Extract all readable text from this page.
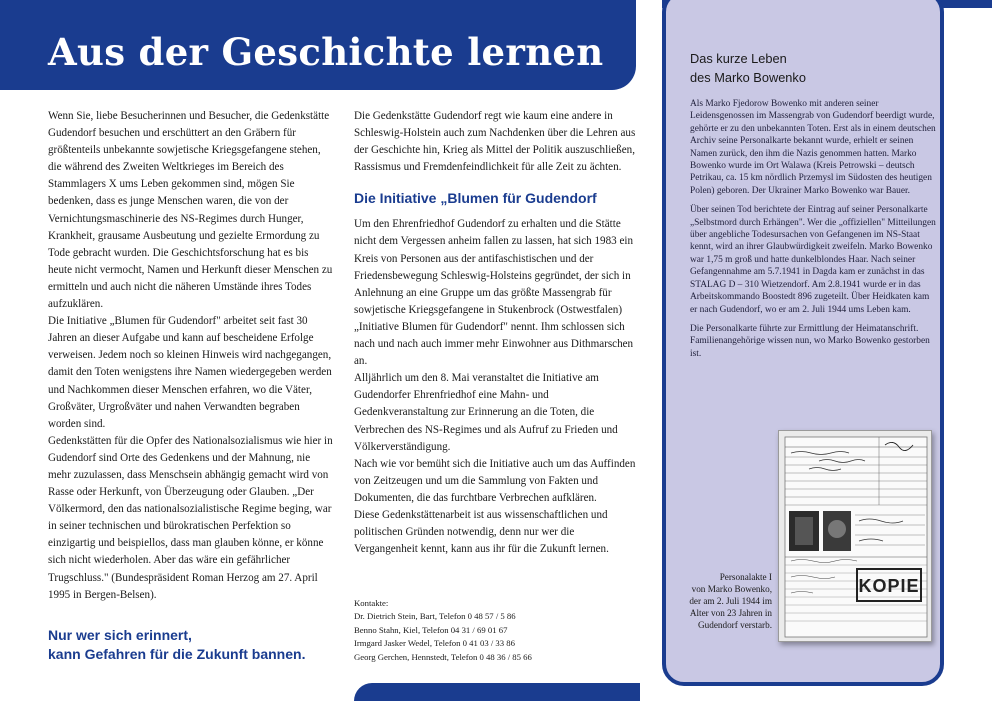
Aus der Geschichte lernen

Wenn Sie, liebe Besucherinnen und Besucher, die Gedenkstätte Gudendorf besuchen und erschüttert an den Gräbern für größtenteils unbekannte sowjetische Kriegsgefangene stehen, die während des Zweiten Weltkrieges im Bereich des Stammlagers X ums Leben gekommen sind, mögen Sie bedenken, dass es junge Menschen waren, die von der Vernichtungsmaschinerie des NS-Regimes durch Hunger, Krankheit, grausame Ausbeutung und gezielte Ermordung zu Tode gebracht wurden. Die Geschichtsforschung hat es bis heute nicht vermocht, Namen und Herkunft dieser Menschen zu ermitteln und auch nicht die näheren Umstände ihres Todes aufzuklären.

Die Initiative „Blumen für Gudendorf" arbeitet seit fast 30 Jahren an dieser Aufgabe und kann auf bescheidene Erfolge verweisen. Jedem noch so kleinen Hinweis wird nachgegangen, damit den Toten wenigstens ihre Namen wiedergegeben werden und Nachkommen dieser Menschen erfahren, wo die Väter, Großväter, Urgroßväter und nahen Verwandten begraben worden sind.

Gedenkstätten für die Opfer des Nationalsozialismus wie hier in Gudendorf sind Orte des Gedenkens und der Mahnung, nie mehr zuzulassen, dass Menschsein abhängig gemacht wird von Rasse oder Herkunft, von Überzeugung oder Glauben. „Der Völkermord, den das nationalsozialistische Regime beging, war in seiner technischen und bürokratischen Perfektion so einzigartig und beispiellos, dass man glauben könne, er könne sich nicht wiederholen. Aber das wäre ein gefährlicher Trugschluss." (Bundespräsident Roman Herzog am 27. April 1995 in Bergen-Belsen).

Nur wer sich erinnert,
kann Gefahren für die Zukunft bannen.

Die Gedenkstätte Gudendorf regt wie kaum eine andere in Schleswig-Holstein auch zum Nachdenken über die Lehren aus der Geschichte hin, Krieg als Mittel der Politik auszuschließen, Rassismus und Fremdenfeindlichkeit für alle Zeit zu ächten.

Die Initiative „Blumen für Gudendorf

Um den Ehrenfriedhof Gudendorf zu erhalten und die Stätte nicht dem Vergessen anheim fallen zu lassen, hat sich 1983 ein Kreis von Personen aus der antifaschistischen und der Friedensbewegung Schleswig-Holsteins gegründet, der sich in Anlehnung an eine Gruppe um das größte Massengrab für sowjetische Kriegsgefangene in Stukenbrock (Ostwestfalen) „Initiative Blumen für Gudendorf" nennt. Ihm schlossen sich nach und nach auch immer mehr Einwohner aus Dithmarschen an.

Alljährlich um den 8. Mai veranstaltet die Initiative am Gudendorfer Ehrenfriedhof eine Mahn- und Gedenkveranstaltung zur Erinnerung an die Toten, die Verbrechen des NS-Regimes und als Aufruf zu Frieden und Völkerverständigung.

Nach wie vor bemüht sich die Initiative auch um das Auffinden von Zeitzeugen und um die Sammlung von Fakten und Dokumenten, die das furchtbare Verbrechen aufklären.

Diese Gedenkstättenarbeit ist aus wissenschaftlichen und politischen Gründen notwendig, denn nur wer die Vergangenheit kennt, kann aus ihr für die Zukunft lernen.

Kontakte:
Dr. Dietrich Stein, Bart, Telefon 0 48 57 / 5 86
Benno Stahn, Kiel, Telefon 04 31 / 69 01 67
Irmgard Jasker Wedel, Telefon 0 41 03 / 33 86
Georg Gerchen, Hennstedt, Telefon 0 48 36 / 85 66
Das kurze Leben
des Marko Bowenko

Als Marko Fjedorow Bowenko mit anderen seiner Leidensgenossen im Massengrab von Gudendorf beerdigt wurde, gehörte er zu den unbekannten Toten. Erst als in einem deutschen Archiv seine Personalkarte bekannt wurde, erhielt er seinen Namen zurück, den ihm die Nazis genommen hatten. Marko Bowenko wurde im Ort Walawa (Kreis Petrowski – deutsch Petrikau, ca. 15 km nördlich Przemysl im Südosten des heutigen Polen) geboren. Der Ukrainer Marko Bowenko war Bauer.

Über seinen Tod berichtete der Eintrag auf seiner Personalkarte „Selbstmord durch Erhängen". Wer die „offiziellen" Mitteilungen über angebliche Todesursachen von Gefangenen im NS-Staat kennt, wird an ihrer Glaubwürdigkeit zweifeln. Marko Bowenko war 1,75 m groß und hatte dunkelblondes Haar. Nach seiner Gefangennahme am 5.7.1941 in Dagda kam er zunächst in das STALAG D – 310 Wietzendorf. Am 2.8.1941 wurde er in das Arbeitskommando Boostedt 896 zugeteilt. Über Heidkaten kam er nach Gudendorf, wo er am 2. Juli 1944 ums Leben kam.

Die Personalkarte führte zur Ermittlung der Heimatanschrift. Familienangehörige wissen nun, wo Marko Bowenko gestorben ist.

KOPIE
Personalakte I
von Marko Bowenko,
der am 2. Juli 1944 im
Alter von 23 Jahren in
Gudendorf verstarb.
